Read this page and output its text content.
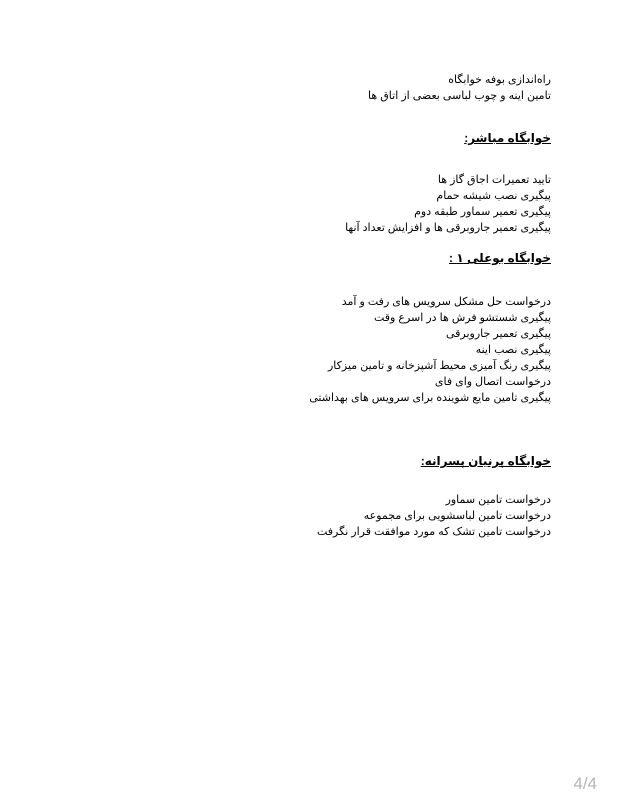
راه‌اندازی بوفه خوابگاه

تامین اینه و چوب لباسی بعضی از اتاق ها

خوابگاه مباشر:

تایید تعمیرات اجاق گاز ها

پیگیری نصب شیشه حمام

پیگیری تعمیر سماور طبقه دوم

پیگیری تعمیر جاروبرقی ها و افزایش تعداد آنها

خوابگاه بوعلی ۱ :

درخواست حل مشکل سرویس های رفت و آمد

پیگیری شستشو فرش ها در اسرع وقت

پیگیری تعمیر جاروبرقی

پیگیری نصب اینه

پیگیری رنگ آمیزی محیط آشپزخانه و تامین میزکار

درخواست اتصال وای فای

پیگیری تامین مایع شوینده برای سرویس های بهداشتی

خوابگاه پرنیان پسرانه:

درخواست تامین سماور

درخواست تامین لباسشویی برای مجموعه

درخواست تامین تشک که مورد موافقت قرار نگرفت

4/4
